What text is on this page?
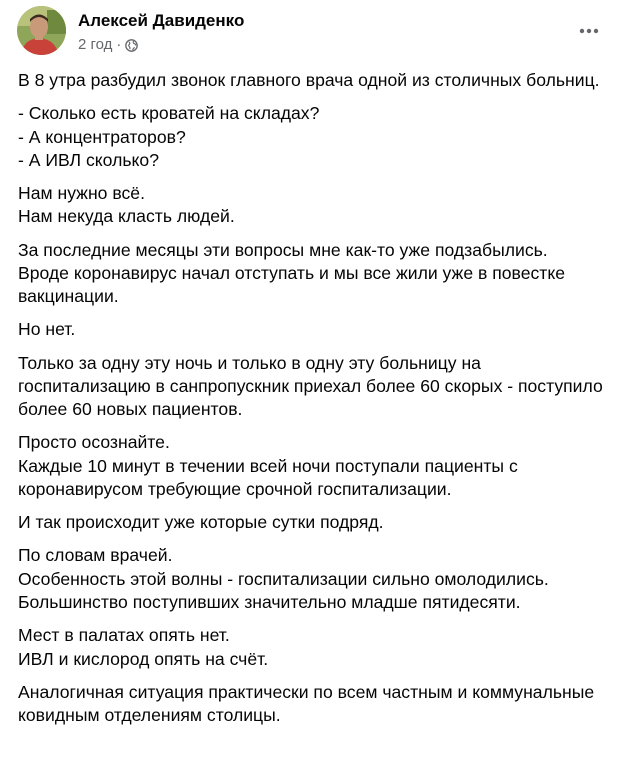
Алексей Давиденко
2 год ·

В 8 утра разбудил звонок главного врача одной из столичных больниц.

- Сколько есть кроватей на складах?
- А концентраторов?
- А ИВЛ сколько?

Нам нужно всё.
Нам некуда класть людей.

За последние месяцы эти вопросы мне как-то уже подзабылись. Вроде коронавирус начал отступать и мы все жили уже в повестке вакцинации.

Но нет.

Только за одну эту ночь и только в одну эту больницу на госпитализацию в санпропускник приехал более 60 скорых - поступило более 60 новых пациентов.

Просто осознайте.
Каждые 10 минут в течении всей ночи поступали пациенты с коронавирусом требующие срочной госпитализации.

И так происходит уже которые сутки подряд.

По словам врачей.
Особенность этой волны - госпитализации сильно омолодились. Большинство поступивших значительно младше пятидесяти.

Мест в палатах опять нет.
ИВЛ и кислород опять на счёт.

Аналогичная ситуация практически по всем частным и коммунальные ковидным отделениям столицы.
